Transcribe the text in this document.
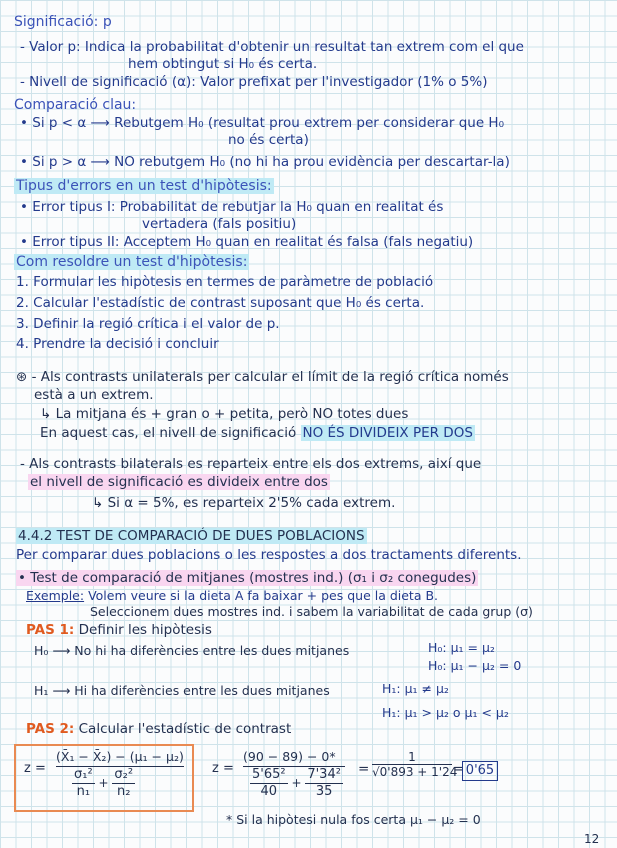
Significació: p
- Valor p: Indica la probabilitat d'obtenir un resultat tan extrem com el que
hem obtingut si H₀ és certa.
- Nivell de significació (α): Valor prefixat per l'investigador (1% o 5%)
Comparació clau:
• Si p < α ⟶ Rebutgem H₀ (resultat prou extrem per considerar que H₀
no és certa)
• Si p > α ⟶ NO rebutgem H₀ (no hi ha prou evidència per descartar-la)
Tipus d'errors en un test d'hipòtesis:
• Error tipus I: Probabilitat de rebutjar la H₀ quan en realitat és
vertadera (fals positiu)
• Error tipus II: Acceptem H₀ quan en realitat és falsa (fals negatiu)
Com resoldre un test d'hipòtesis:
1. Formular les hipòtesis en termes de paràmetre de població
2. Calcular l'estadístic de contrast suposant que H₀ és certa.
3. Definir la regió crítica i el valor de p.
4. Prendre la decisió i concluir
⊛ - Als contrasts unilaterals per calcular el límit de la regió crítica només
està a un extrem.
↳ La mitjana és + gran o + petita, però NO totes dues
En aquest cas, el nivell de significació NO ÉS DIVIDEIX PER DOS
- Als contrasts bilaterals es reparteix entre els dos extrems, així que
el nivell de significació es divideix entre dos
↳ Si α = 5%, es reparteix 2'5% cada extrem.
4.4.2 TEST DE COMPARACIÓ DE DUES POBLACIONS
Per comparar dues poblacions o les respostes a dos tractaments diferents.
• Test de comparació de mitjanes (mostres ind.) (σ₁ i σ₂ conegudes)
Exemple: Volem veure si la dieta A fa baixar + pes que la dieta B.
Seleccionem dues mostres ind. i sabem la variabilitat de cada grup (σ)
PAS 1: Definir les hipòtesis
H₀ ⟶ No hi ha diferències entre les dues mitjanes	H₀: μ₁ = μ₂
H₀: μ₁ − μ₂ = 0
H₁ ⟶ Hi ha diferències entre les dues mitjanes	H₁: μ₁ ≠ μ₂
H₁: μ₁ > μ₂ o μ₁ < μ₂
PAS 2: Calcular l'estadístic de contrast
z =
(X̄₁ − X̄₂) − (μ₁ − μ₂)
$\frac{\text{σ₁²}}{\text{n₁}} + \frac{\text{σ₂²}}{\text{n₂}}$	z =
(90 − 89) − 0*
$\frac{\text{5'65²}}{40} + \frac{\text{7'34²}}{35} = \frac{1}{√0'893 + 1'24} = 0'65$
* Si la hipòtesi nula fos certa μ₁ − μ₂ = 0
12
